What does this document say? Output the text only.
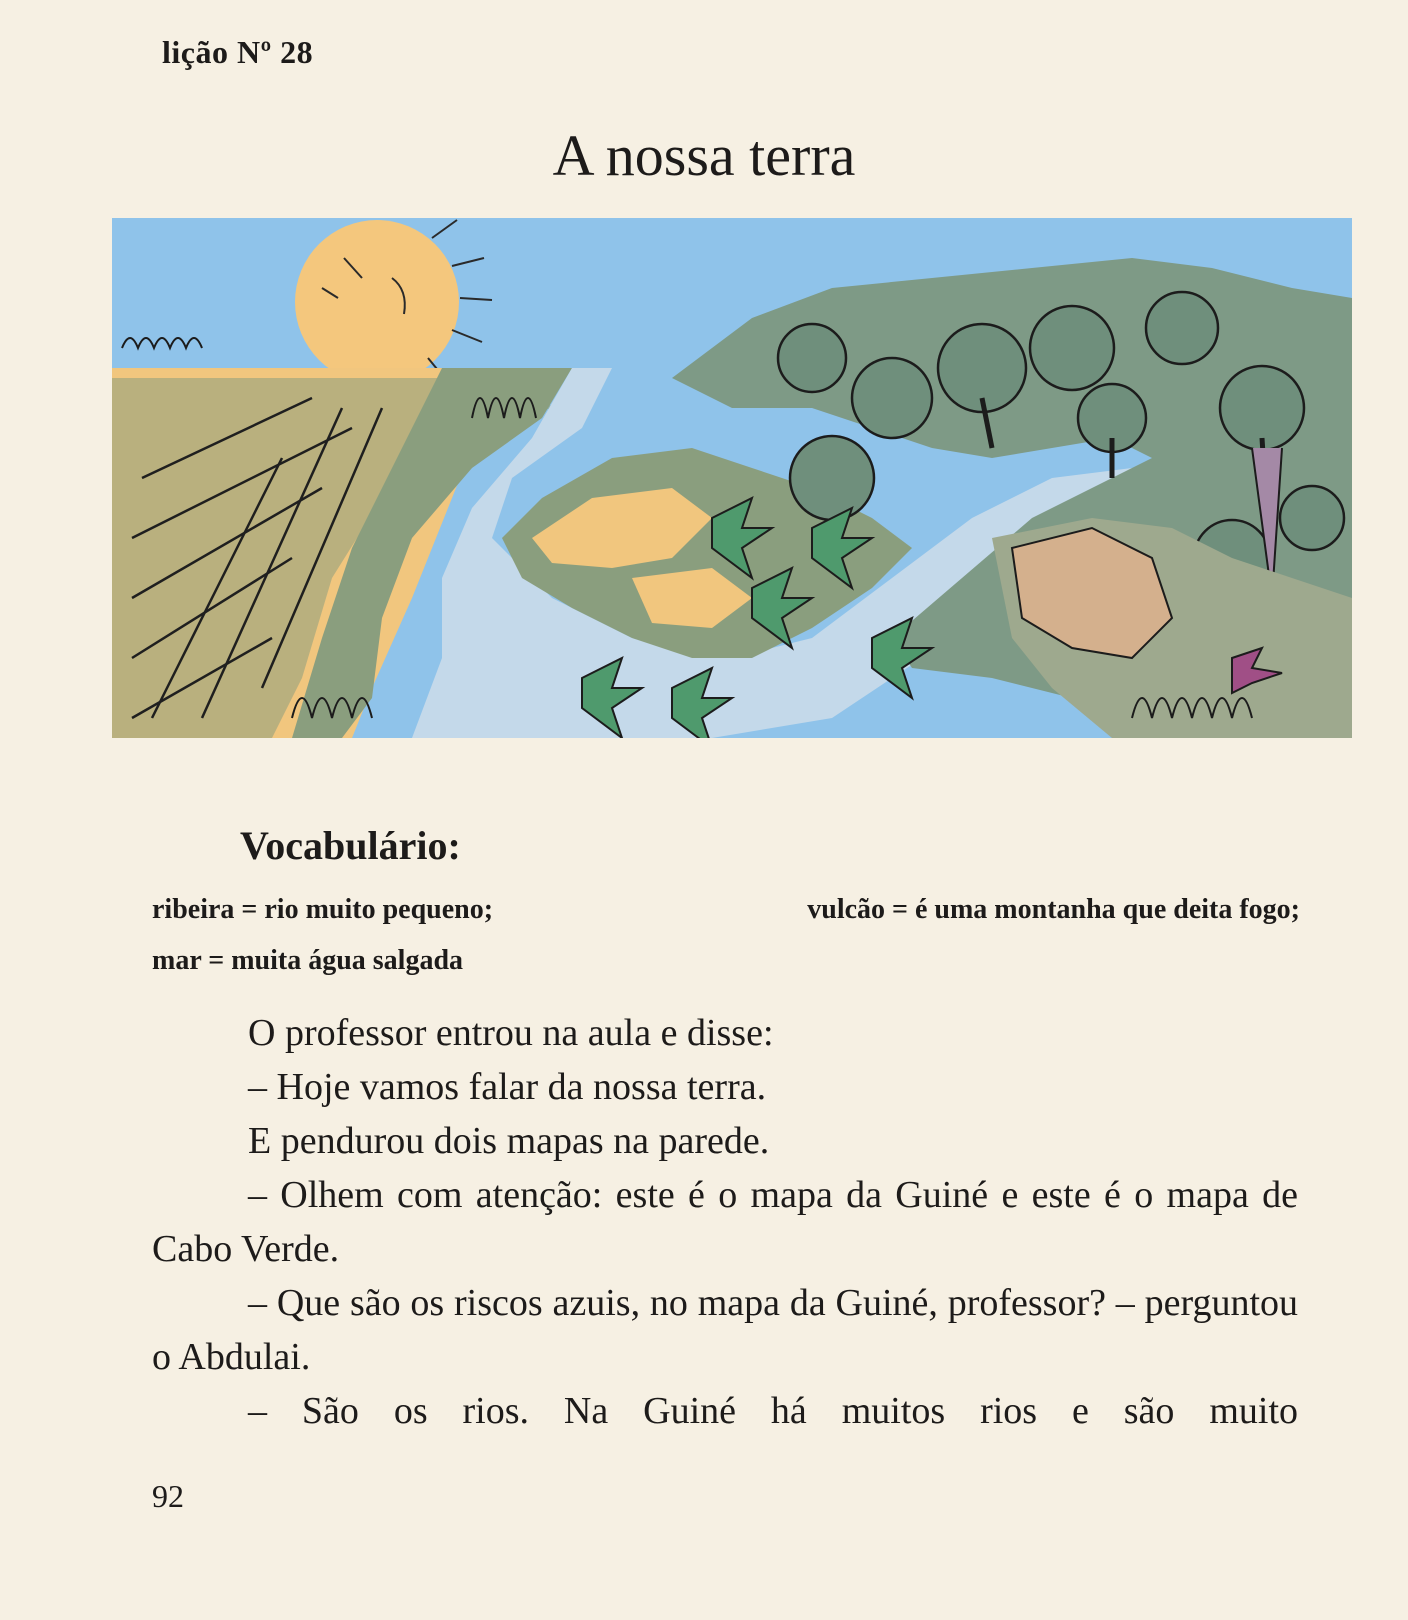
lição Nº 28
A nossa terra
Vocabulário:
ribeira = rio muito pequeno;	vulcão = é uma montanha que deita fogo;
mar = muita água salgada

O professor entrou na aula e disse:

– Hoje vamos falar da nossa terra.

E pendurou dois mapas na parede.

– Olhem com atenção: este é o mapa da Guiné e este é o mapa de Cabo Verde.

– Que são os riscos azuis, no mapa da Guiné, professor? – perguntou o Abdulai.

– São os rios. Na Guiné há muitos rios e são muito

92
